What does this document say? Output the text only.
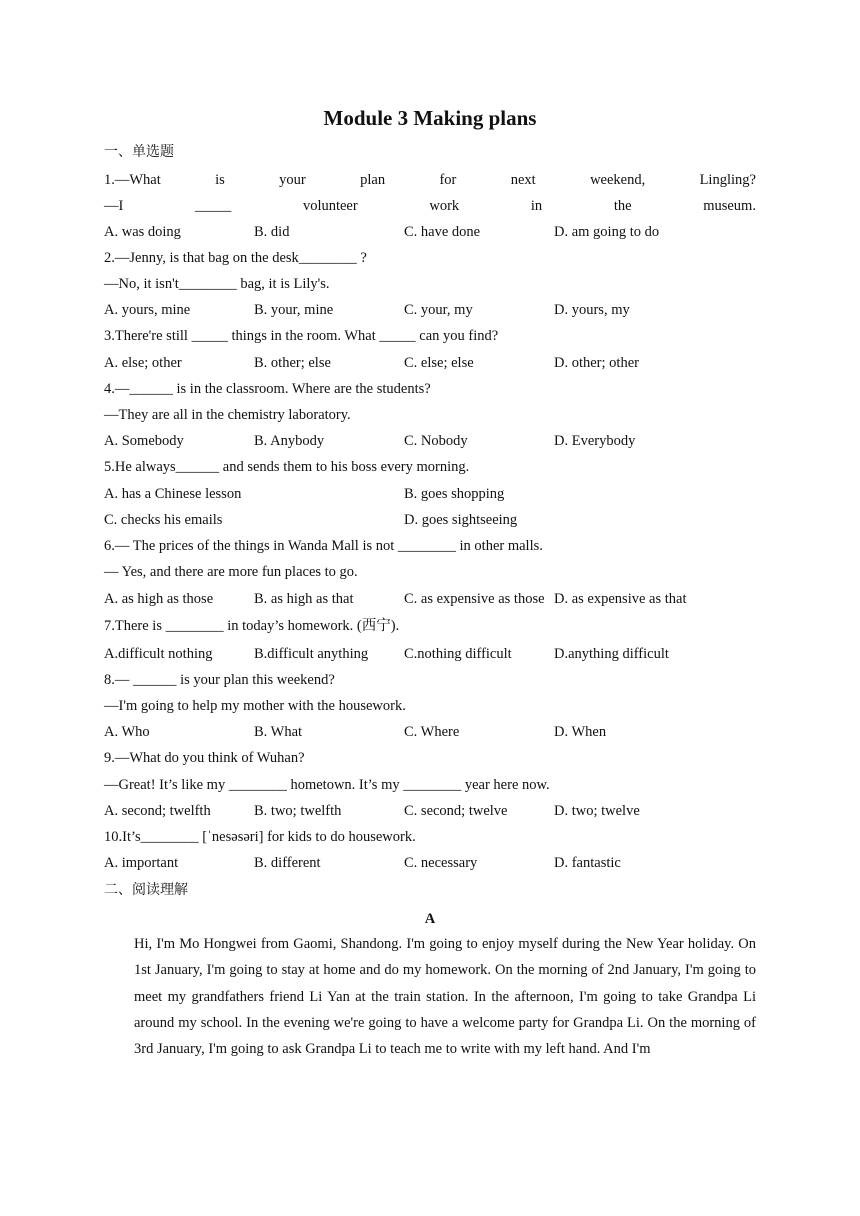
Module 3 Making plans
一、单选题
1.—What	is	your	plan	for	next	weekend,	Lingling?
—I	_____	volunteer	work	in	the	museum.
A. was doing	B. did	C. have done	D. am going to do
2.—Jenny, is that bag on the desk________ ?
—No, it isn't________ bag, it is Lily's.
A. yours, mine	B. your, mine	C. your, my	D. yours, my
3.There're still _____ things in the room. What _____ can you find?
A. else; other	B. other; else	C. else; else	D. other; other
4.—______ is in the classroom. Where are the students?
—They are all in the chemistry laboratory.
A. Somebody	B. Anybody	C. Nobody	D. Everybody
5.He always______ and sends them to his boss every morning.
A. has a Chinese lesson	B. goes shopping
C. checks his emails	D. goes sightseeing
6.— The prices of the things in Wanda Mall is not ________ in other malls.
— Yes, and there are more fun places to go.
A. as high as those	B. as high as that	C. as expensive as those D. as expensive as that
7.There is ________ in today’s homework. (西宁).
A.difficult nothing	B.difficult anything C.nothing difficult	D.anything difficult
8.— ______ is your plan this weekend?
—I'm going to help my mother with the housework.
A. Who	B. What	C. Where	D. When
9.—What do you think of Wuhan?
—Great! It’s like my ________ hometown. It’s my ________ year here now.
A. second; twelfth	B. two; twelfth	C. second; twelve	D. two; twelve
10.It’s________ [ˈnesəsəri] for kids to do housework.
A. important	B. different	C. necessary	D. fantastic
二、阅读理解
A
Hi, I'm Mo Hongwei from Gaomi, Shandong. I'm going to enjoy myself during the New Year holiday. On 1st January, I'm going to stay at home and do my homework. On the morning of 2nd January, I'm going to meet my grandfathers friend Li Yan at the train station. In the afternoon, I'm going to take Grandpa Li around my school. In the evening we're going to have a welcome party for Grandpa Li. On the morning of 3rd January, I'm going to ask Grandpa Li to teach me to write with my left hand. And I'm
